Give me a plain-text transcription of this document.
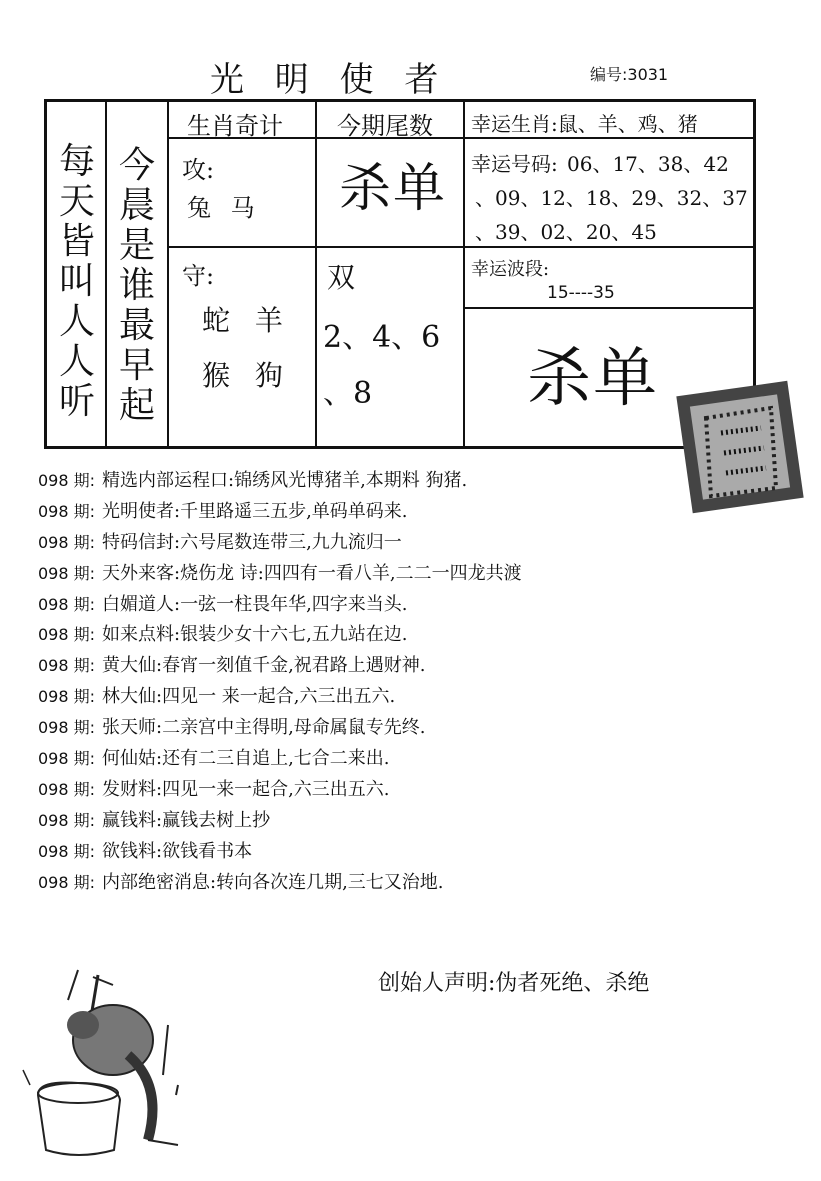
光 明 使 者	编号:3031
每天皆叫人人听
今晨是谁最早起
生肖奇计 今期尾数
攻:
兔 马
守:
蛇 羊
猴 狗
杀单
双
2、4、6
、8
幸运生肖:鼠、羊、鸡、猪
幸运号码: 06、17、38、42
、09、12、18、29、32、37
、39、02、20、45
幸运波段:
15----35
杀单
098 期: 精选内部运程口:锦绣风光博猪羊,本期料 狗猪.
098 期: 光明使者:千里路遥三五步,单码单码来.
098 期: 特码信封:六号尾数连带三,九九流归一
098 期: 天外来客:烧伤龙 诗:四四有一看八羊,二二一四龙共渡
098 期: 白媚道人:一弦一柱畏年华,四字来当头.
098 期: 如来点料:银装少女十六七,五九站在边.
098 期: 黄大仙:春宵一刻值千金,祝君路上遇财神.
098 期: 林大仙:四见一 来一起合,六三出五六.
098 期: 张天师:二亲宫中主得明,母命属鼠专先终.
098 期: 何仙姑:还有二三自追上,七合二来出.
098 期: 发财料:四见一来一起合,六三出五六.
098 期: 赢钱料:赢钱去树上抄
098 期: 欲钱料:欲钱看书本
098 期: 内部绝密消息:转向各次连几期,三七又治地.
创始人声明:伪者死绝、杀绝
